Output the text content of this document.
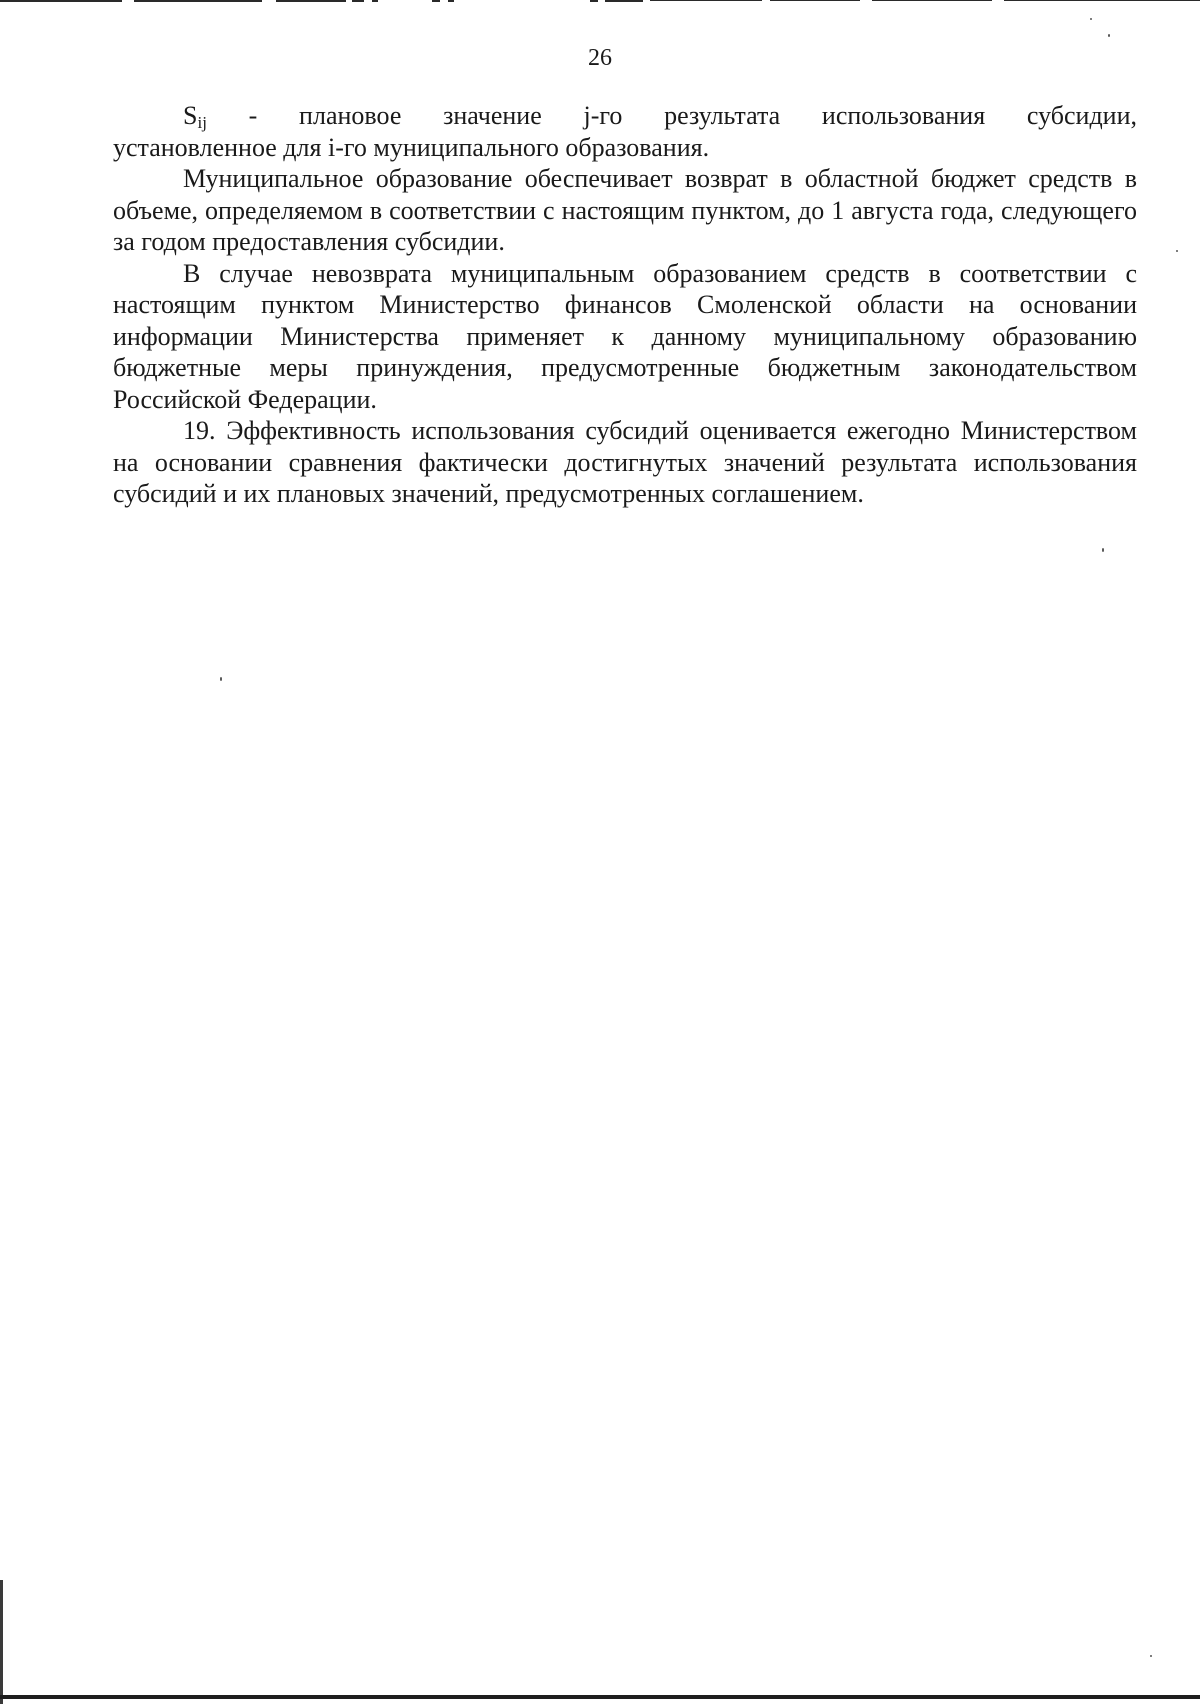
26

$S_{ij}$ - плановое значение j-го результата использования субсидии,
установленное для i-го муниципального образования.

Муниципальное образование обеспечивает возврат в областной бюджет средств в объеме, определяемом в соответствии с настоящим пунктом, до 1 августа года, следующего за годом предоставления субсидии.

В случае невозврата муниципальным образованием средств в соответствии с настоящим пунктом Министерство финансов Смоленской области на основании информации Министерства применяет к данному муниципальному образованию бюджетные меры принуждения, предусмотренные бюджетным законодательством Российской Федерации.

19. Эффективность использования субсидий оценивается ежегодно Министерством на основании сравнения фактически достигнутых значений результата использования субсидий и их плановых значений, предусмотренных соглашением.
